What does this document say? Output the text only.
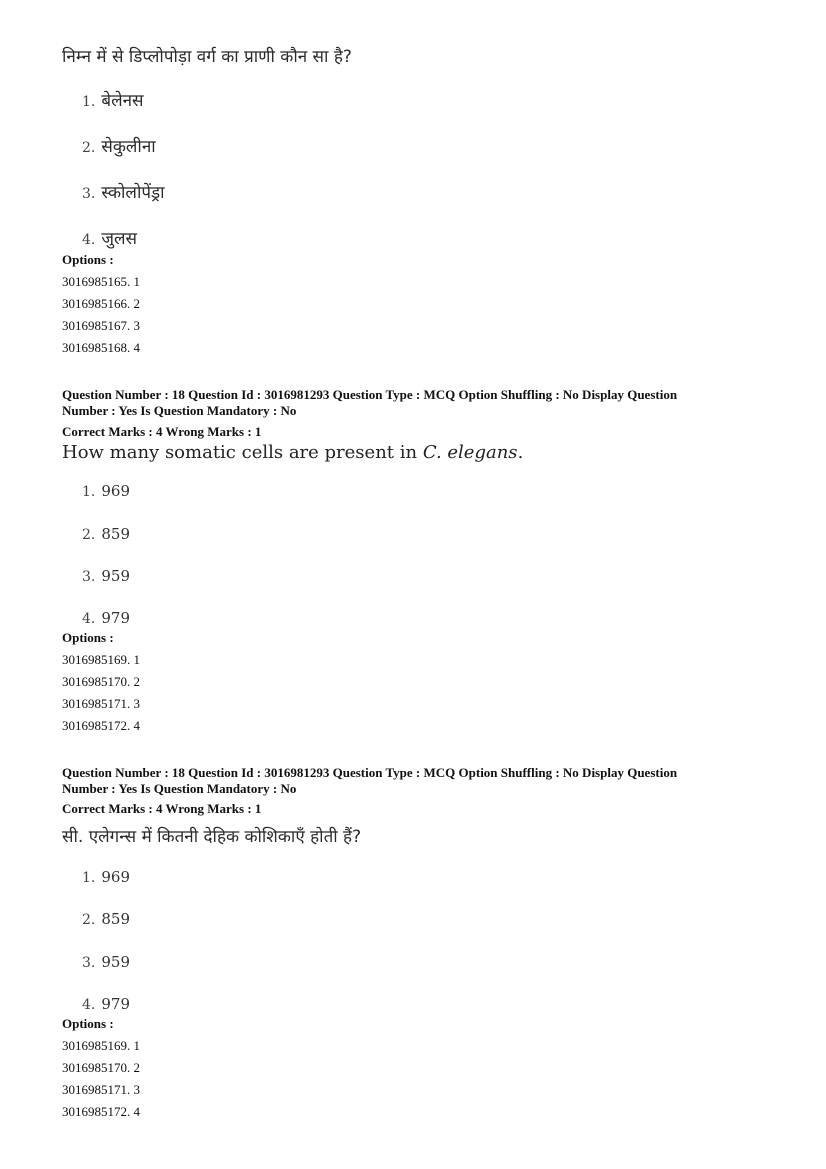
निम्न में से डिप्लोपोड़ा वर्ग का प्राणी कौन सा है?
1. बेलेनस
2. सेकुलीना
3. स्कोलोपेंड्रा
4. जुलस
Options :
3016985165. 1
3016985166. 2
3016985167. 3
3016985168. 4
Question Number : 18 Question Id : 3016981293 Question Type : MCQ Option Shuffling : No Display Question
Number : Yes Is Question Mandatory : No
Correct Marks : 4 Wrong Marks : 1
How many somatic cells are present in C. elegans.
1. 969
2. 859
3. 959
4. 979
Options :
3016985169. 1
3016985170. 2
3016985171. 3
3016985172. 4
Question Number : 18 Question Id : 3016981293 Question Type : MCQ Option Shuffling : No Display Question
Number : Yes Is Question Mandatory : No
Correct Marks : 4 Wrong Marks : 1
सी. एलेगन्स में कितनी देहिक कोशिकाएँ होती हैं?
1. 969
2. 859
3. 959
4. 979
Options :
3016985169. 1
3016985170. 2
3016985171. 3
3016985172. 4
